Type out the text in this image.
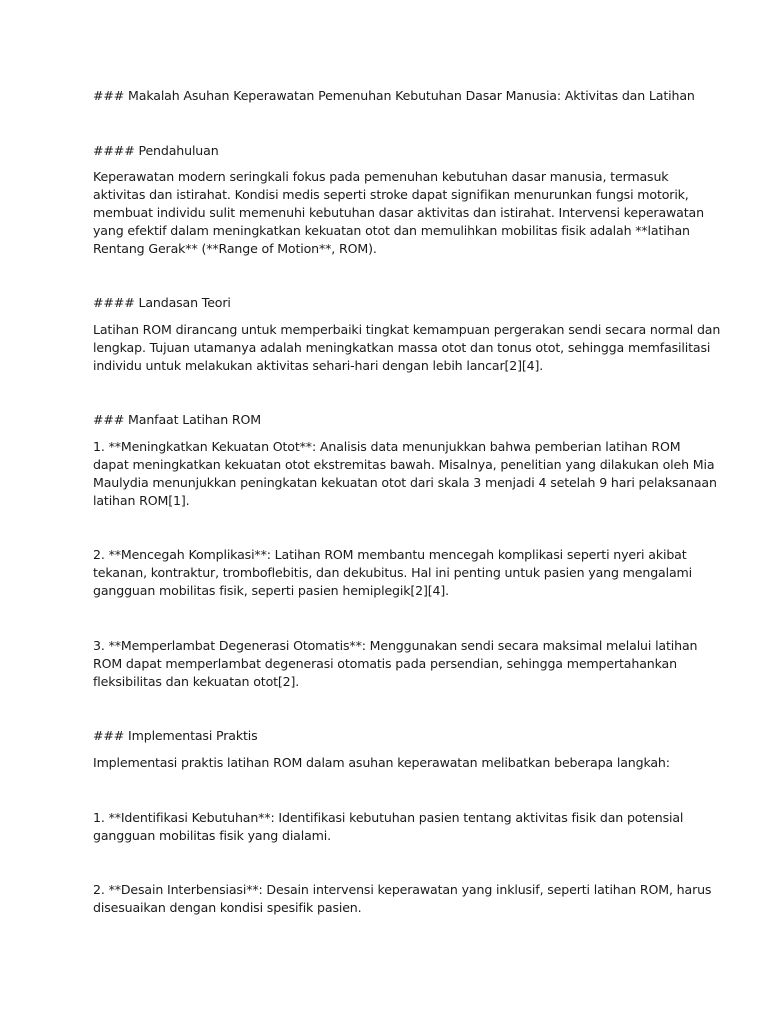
### Makalah Asuhan Keperawatan Pemenuhan Kebutuhan Dasar Manusia: Aktivitas dan Latihan
#### Pendahuluan
Keperawatan modern seringkali fokus pada pemenuhan kebutuhan dasar manusia, termasuk
aktivitas dan istirahat. Kondisi medis seperti stroke dapat signifikan menurunkan fungsi motorik,
membuat individu sulit memenuhi kebutuhan dasar aktivitas dan istirahat. Intervensi keperawatan
yang efektif dalam meningkatkan kekuatan otot dan memulihkan mobilitas fisik adalah **latihan
Rentang Gerak** (**Range of Motion**, ROM).
#### Landasan Teori
Latihan ROM dirancang untuk memperbaiki tingkat kemampuan pergerakan sendi secara normal dan
lengkap. Tujuan utamanya adalah meningkatkan massa otot dan tonus otot, sehingga memfasilitasi
individu untuk melakukan aktivitas sehari-hari dengan lebih lancar[2][4].
### Manfaat Latihan ROM
1. **Meningkatkan Kekuatan Otot**: Analisis data menunjukkan bahwa pemberian latihan ROM
dapat meningkatkan kekuatan otot ekstremitas bawah. Misalnya, penelitian yang dilakukan oleh Mia
Maulydia menunjukkan peningkatan kekuatan otot dari skala 3 menjadi 4 setelah 9 hari pelaksanaan
latihan ROM[1].
2. **Mencegah Komplikasi**: Latihan ROM membantu mencegah komplikasi seperti nyeri akibat
tekanan, kontraktur, tromboflebitis, dan dekubitus. Hal ini penting untuk pasien yang mengalami
gangguan mobilitas fisik, seperti pasien hemiplegik[2][4].
3. **Memperlambat Degenerasi Otomatis**: Menggunakan sendi secara maksimal melalui latihan
ROM dapat memperlambat degenerasi otomatis pada persendian, sehingga mempertahankan
fleksibilitas dan kekuatan otot[2].
### Implementasi Praktis
Implementasi praktis latihan ROM dalam asuhan keperawatan melibatkan beberapa langkah:
1. **Identifikasi Kebutuhan**: Identifikasi kebutuhan pasien tentang aktivitas fisik dan potensial
gangguan mobilitas fisik yang dialami.
2. **Desain Interbensiasi**: Desain intervensi keperawatan yang inklusif, seperti latihan ROM, harus
disesuaikan dengan kondisi spesifik pasien.
